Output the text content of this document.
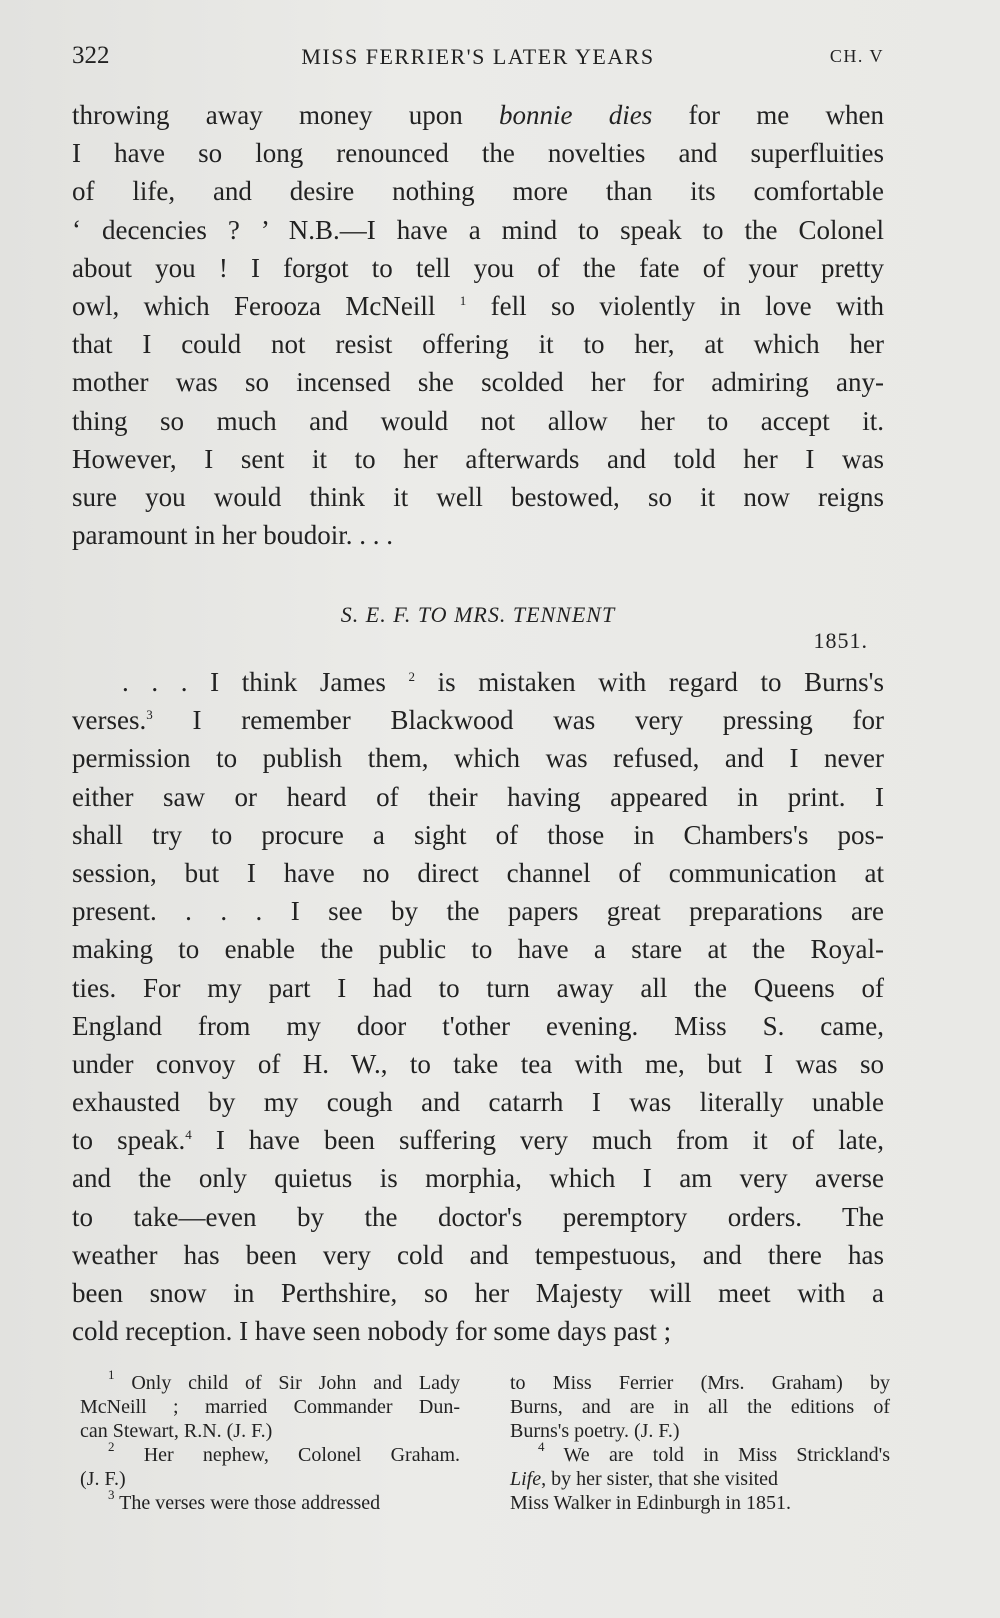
322	MISS FERRIER'S LATER YEARS	CH. V
throwing away money upon bonnie dies for me when
I have so long renounced the novelties and superfluities
of life, and desire nothing more than its comfortable
‘ decencies ? ’ N.B.—I have a mind to speak to the Colonel
about you ! I forgot to tell you of the fate of your pretty
owl, which Ferooza McNeill $^1$ fell so violently in love with
that I could not resist offering it to her, at which her
mother was so incensed she scolded her for admiring any-
thing so much and would not allow her to accept it.
However, I sent it to her afterwards and told her I was
sure you would think it well bestowed, so it now reigns
paramount in her boudoir. . . .
S. E. F. TO MRS. TENNENT
1851.
. . . I think James $^2$ is mistaken with regard to Burns's
verses.$^3$ I remember Blackwood was very pressing for
permission to publish them, which was refused, and I never
either saw or heard of their having appeared in print. I
shall try to procure a sight of those in Chambers's pos-
session, but I have no direct channel of communication at
present. . . . I see by the papers great preparations are
making to enable the public to have a stare at the Royal-
ties. For my part I had to turn away all the Queens of
England from my door t'other evening. Miss S. came,
under convoy of H. W., to take tea with me, but I was so
exhausted by my cough and catarrh I was literally unable
to speak.$^4$ I have been suffering very much from it of late,
and the only quietus is morphia, which I am very averse
to take—even by the doctor's peremptory orders. The
weather has been very cold and tempestuous, and there has
been snow in Perthshire, so her Majesty will meet with a
cold reception. I have seen nobody for some days past ;
$^1$ Only child of Sir John and Lady
McNeill ; married Commander Dun-
can Stewart, R.N. (J. F.)
$^2$ Her nephew, Colonel Graham.
(J. F.)
$^3$ The verses were those addressed
to Miss Ferrier (Mrs. Graham) by
Burns, and are in all the editions of
Burns's poetry. (J. F.)
$^4$ We are told in Miss Strickland's
Life, by her sister, that she visited
Miss Walker in Edinburgh in 1851.
